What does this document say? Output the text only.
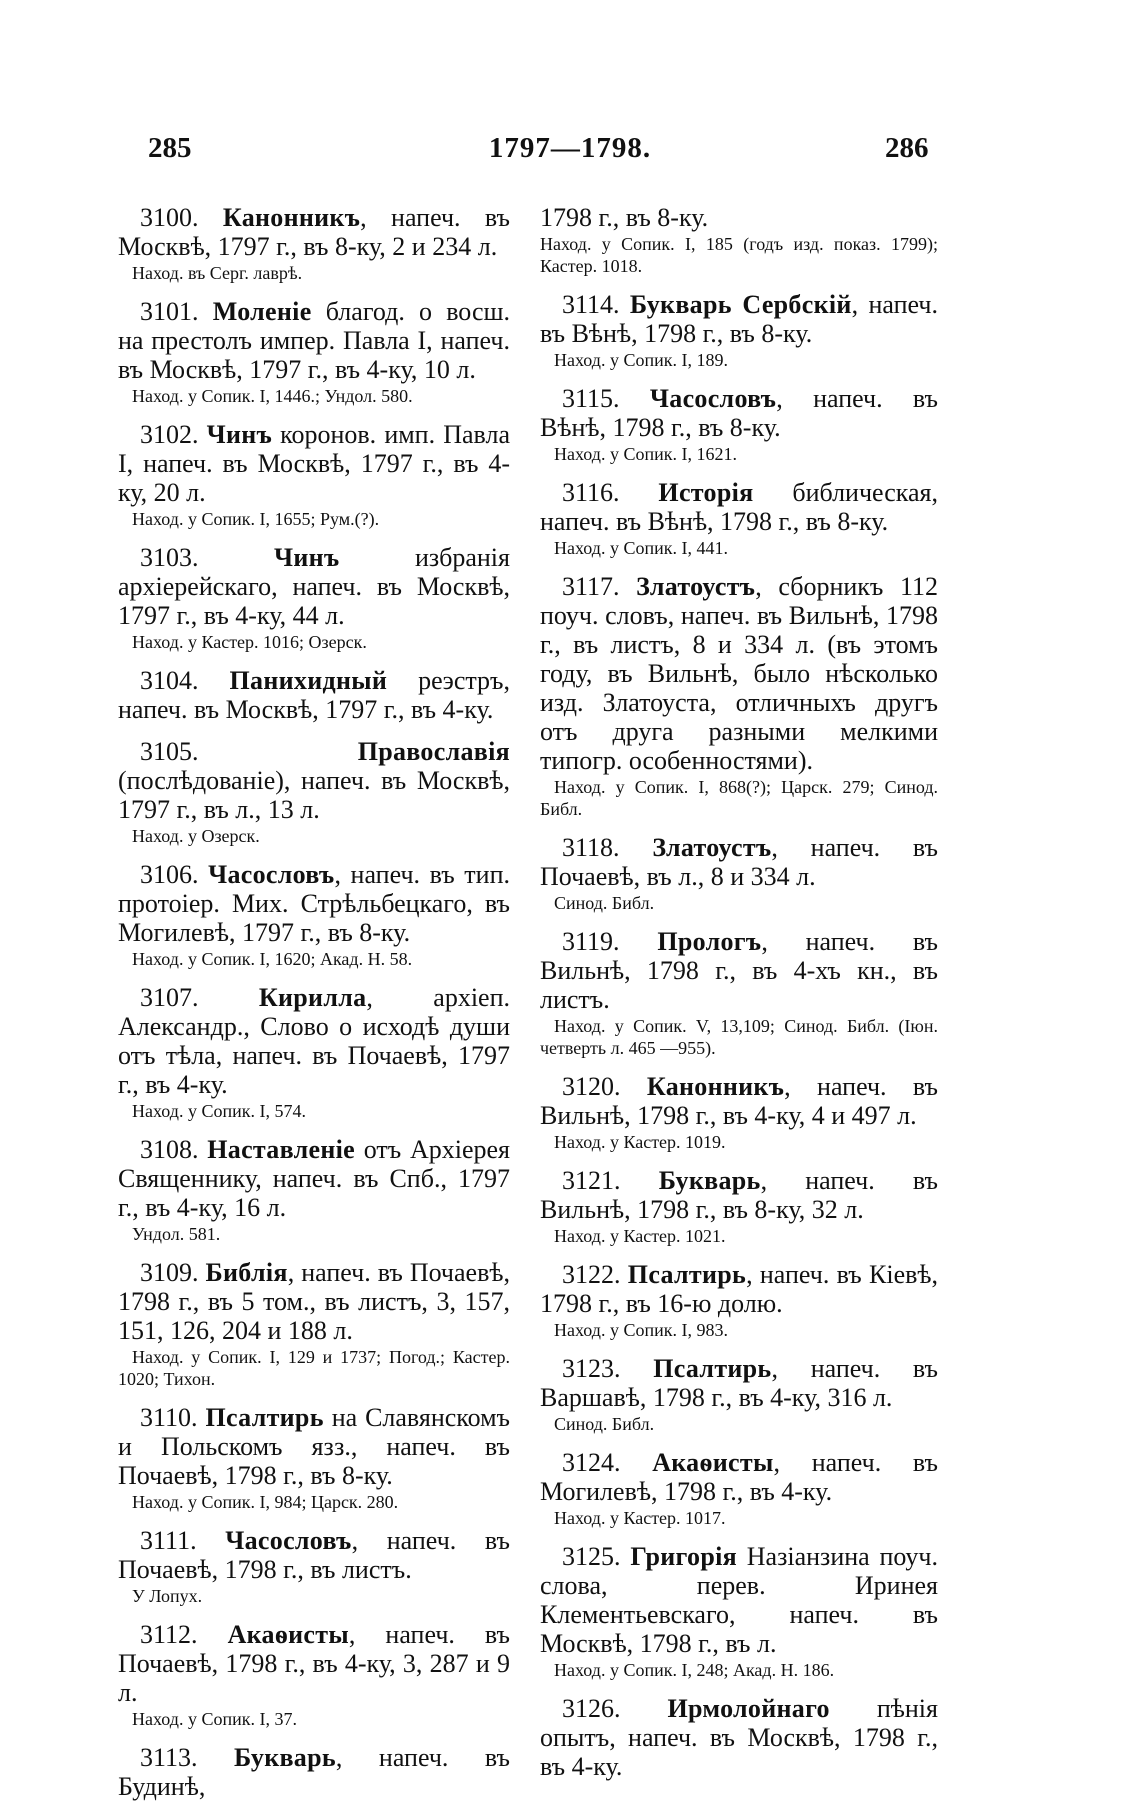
1797—1798.
285	286

3100. Канонникъ, напеч. въ Москвѣ, 1797 г., въ 8-ку, 2 и 234 л.

Наход. въ Серг. лаврѣ.

3101. Моленіе благод. о восш. на престолъ импер. Павла I, напеч. въ Москвѣ, 1797 г., въ 4-ку, 10 л.

Наход. у Сопик. I, 1446.; Ундол. 580.

3102. Чинъ коронов. имп. Павла I, напеч. въ Москвѣ, 1797 г., въ 4-ку, 20 л.

Наход. у Сопик. I, 1655; Рум.(?).

3103.	Чинъ избранія архіерейскаго, напеч. въ Москвѣ, 1797 г., въ 4-ку, 44 л.

Наход. у Кастер. 1016; Озерск.

3104. Панихидный реэстръ, напеч. въ Москвѣ, 1797 г., въ 4-ку.

3105.	Православія (послѣдованіе), напеч. въ Москвѣ, 1797 г., въ л., 13 л.

Наход. у Озерск.

3106. Часословъ, напеч. въ тип. протоіер. Мих. Стрѣльбецкаго, въ Могилевѣ, 1797 г., въ 8-ку.

Наход. у Сопик. I, 1620; Акад. Н. 58.

3107. Кирилла, архіеп. Александр., Слово о исходѣ души отъ тѣла, напеч. въ Почаевѣ, 1797 г., въ 4-ку.

Наход. у Сопик. I, 574.

3108. Наставленіе отъ Архіерея Священнику, напеч. въ Спб., 1797 г., въ 4-ку, 16 л.

Ундол. 581.

3109. Библія, напеч. въ Почаевѣ, 1798 г., въ 5 том., въ листъ, 3, 157, 151, 126, 204 и 188 л.

Наход. у Сопик. I, 129 и 1737; Погод.; Кастер. 1020; Тихон.

3110. Псалтирь на Славянскомъ и Польскомъ язз., напеч. въ Почаевѣ, 1798 г., въ 8-ку.

Наход. у Сопик. I, 984; Царск. 280.

3111. Часословъ, напеч. въ Почаевѣ, 1798 г., въ листъ.

У Лопух.

3112. Акаѳисты, напеч. въ Почаевѣ, 1798 г., въ 4-ку, 3, 287 и 9 л.

Наход. у Сопик. I, 37.

3113. Букварь, напеч. въ Будинѣ,

1798 г., въ 8-ку.

Наход. у Сопик. I, 185 (годъ изд. показ. 1799); Кастер. 1018.

3114. Букварь Сербскій, напеч. въ Вѣнѣ, 1798 г., въ 8-ку.

Наход. у Сопик. I, 189.

3115. Часословъ, напеч. въ Вѣнѣ, 1798 г., въ 8-ку.

Наход. у Сопик. I, 1621.

3116. Исторія библическая, напеч. въ Вѣнѣ, 1798 г., въ 8-ку.

Наход. у Сопик. I, 441.

3117. Златоустъ, сборникъ 112 поуч. словъ, напеч. въ Вильнѣ, 1798 г., въ листъ, 8 и 334 л. (въ этомъ году, въ Вильнѣ, было нѣсколько изд. Златоуста, отличныхъ другъ отъ друга разными мелкими типогр. особенностями).

Наход. у Сопик. I, 868(?); Царск. 279; Синод. Библ.

3118. Златоустъ, напеч. въ Почаевѣ, въ л., 8 и 334 л.

Синод. Библ.

3119. Прологъ, напеч. въ Вильнѣ, 1798 г., въ 4-хъ кн., въ листъ.

Наход. у Сопик. V, 13,109; Синод. Библ. (Іюн. четверть л. 465 —955).

3120. Канонникъ, напеч. въ Вильнѣ, 1798 г., въ 4-ку, 4 и 497 л.

Наход. у Кастер. 1019.

3121. Букварь, напеч. въ Вильнѣ, 1798 г., въ 8-ку, 32 л.

Наход. у Кастер. 1021.

3122. Псалтирь, напеч. въ Кіевѣ, 1798 г., въ 16-ю долю.

Наход. у Сопик. I, 983.

3123. Псалтирь, напеч. въ Варшавѣ, 1798 г., въ 4-ку, 316 л.

Синод. Библ.

3124. Акаѳисты, напеч. въ Могилевѣ, 1798 г., въ 4-ку.

Наход. у Кастер. 1017.

3125. Григорія Назіанзина поуч. слова, перев. Иринея Клементьевскаго, напеч. въ Москвѣ, 1798 г., въ л.

Наход. у Сопик. I, 248; Акад. Н. 186.

3126. Ирмолойнаго пѣнія опытъ, напеч. въ Москвѣ, 1798 г., въ 4-ку.
